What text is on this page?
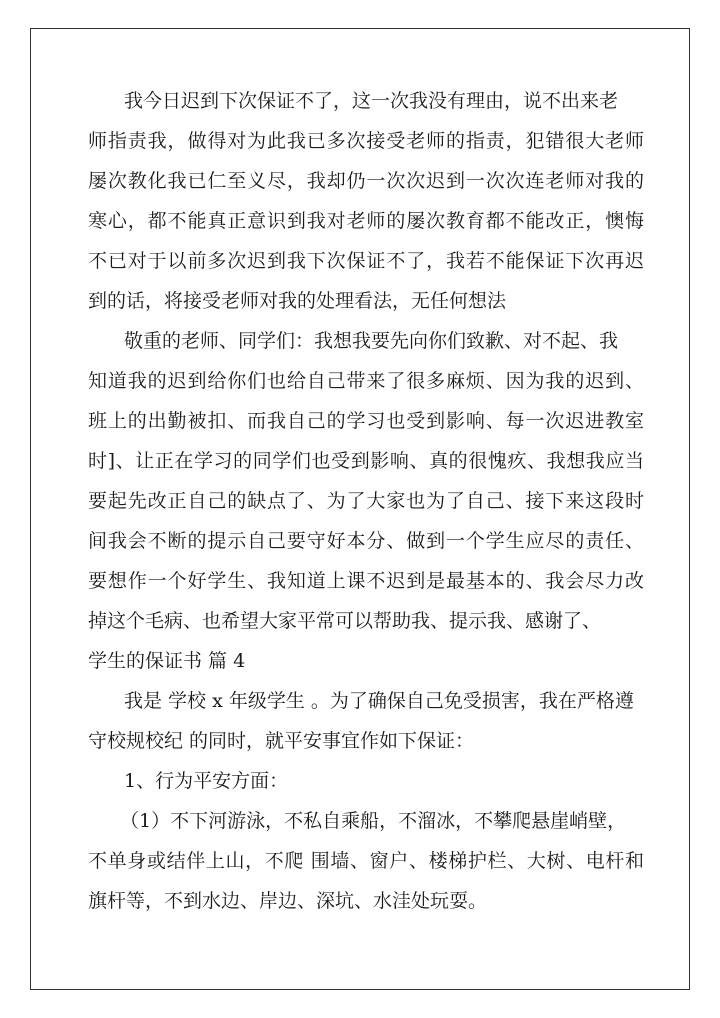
我今日迟到下次保证不了，这一次我没有理由，说不出来老
师指责我，做得对为此我已多次接受老师的指责，犯错很大老师
屡次教化我已仁至义尽，我却仍一次次迟到一次次连老师对我的
寒心，都不能真正意识到我对老师的屡次教育都不能改正，懊悔
不已对于以前多次迟到我下次保证不了，我若不能保证下次再迟
到的话，将接受老师对我的处理看法，无任何想法
敬重的老师、同学们：我想我要先向你们致歉、对不起、我
知道我的迟到给你们也给自己带来了很多麻烦、因为我的迟到、
班上的出勤被扣、而我自己的学习也受到影响、每一次迟进教室
时]、让正在学习的同学们也受到影响、真的很愧疚、我想我应当
要起先改正自己的缺点了、为了大家也为了自己、接下来这段时
间我会不断的提示自己要守好本分、做到一个学生应尽的责任、
要想作一个好学生、我知道上课不迟到是最基本的、我会尽力改
掉这个毛病、也希望大家平常可以帮助我、提示我、感谢了、
学生的保证书 篇 4
我是 学校 x 年级学生 。为了确保自己免受损害，我在严格遵
守校规校纪 的同时，就平安事宜作如下保证：
1、行为平安方面：
（1）不下河游泳，不私自乘船，不溜冰，不攀爬悬崖峭壁，
不单身或结伴上山，不爬 围墙、窗户、楼梯护栏、大树、电杆和
旗杆等，不到水边、岸边、深坑、水洼处玩耍。
